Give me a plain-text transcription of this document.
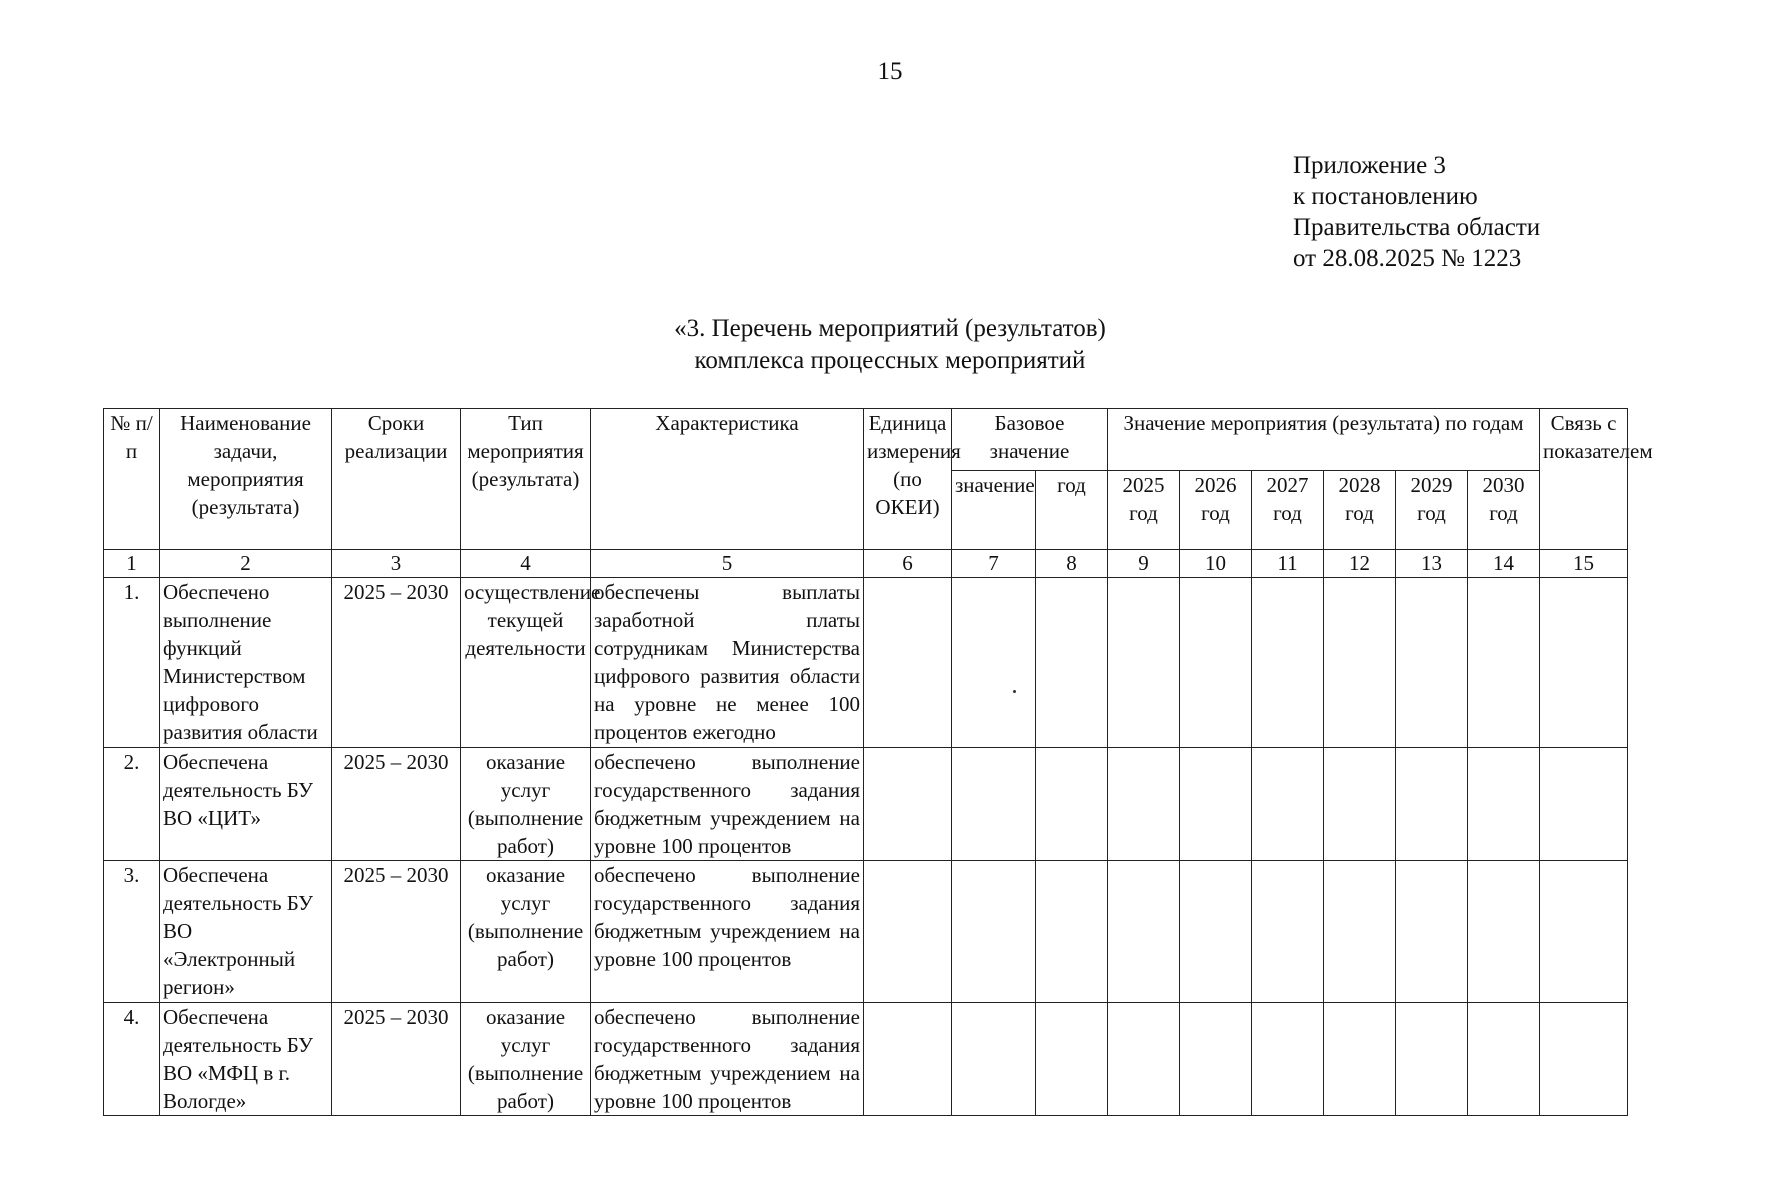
15
Приложение 3
к постановлению
Правительства области
от 28.08.2025 № 1223
«3. Перечень мероприятий (результатов)
комплекса процессных мероприятий
№ п/п	Наименование задачи, мероприятия (результата)	Сроки реализации	Тип мероприятия (результата)	Характеристика	Единица измерения (по ОКЕИ)	Базовое значение		Значение мероприятия (результата) по годам						Связь с показателем
						значение	год	2025 год	2026 год	2027 год	2028 год	2029 год	2030 год	
1	2	3	4	5	6	7	8	9	10	11	12	13	14	15
1.	Обеспечено выполнение функций Министерством цифрового развития области	2025 – 2030	осуществление текущей деятельности	обеспечены выплаты заработной платы сотрудникам Министерства цифрового развития области на уровне не менее 100 процентов ежегодно										
2.	Обеспечена деятельность БУ ВО «ЦИТ»	2025 – 2030	оказание услуг (выполнение работ)	обеспечено выполнение государственного задания бюджетным учреждением на уровне 100 процентов										
3.	Обеспечена деятельность БУ ВО «Электронный регион»	2025 – 2030	оказание услуг (выполнение работ)	обеспечено выполнение государственного задания бюджетным учреждением на уровне 100 процентов										
4.	Обеспечена деятельность БУ ВО «МФЦ в г. Вологде»	2025 – 2030	оказание услуг (выполнение работ)	обеспечено выполнение государственного задания бюджетным учреждением на уровне 100 процентов										
